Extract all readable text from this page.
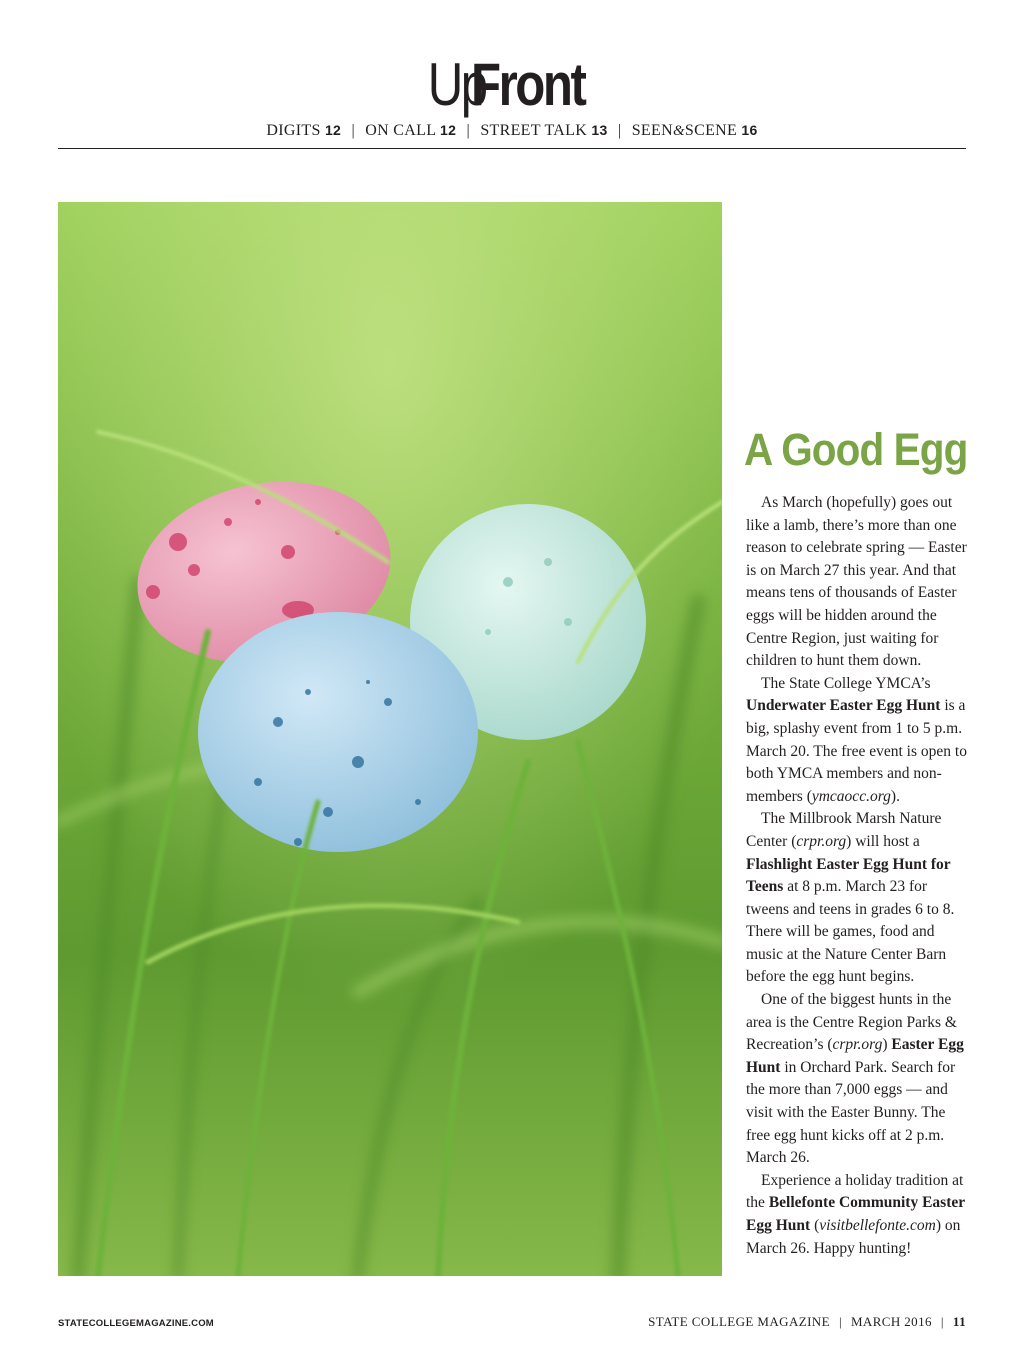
UpFront
DIGITS 12 | ON CALL 12 | STREET TALK 13 | SEEN&SCENE 16
A Good Egg

As March (hopefully) goes out like a lamb, there’s more than one reason to celebrate spring — Easter is on March 27 this year. And that means tens of thousands of Easter eggs will be hidden around the Centre Region, just waiting for children to hunt them down.

The State College YMCA’s Underwater Easter Egg Hunt is a big, splashy event from 1 to 5 p.m. March 20. The free event is open to both YMCA members and non-members (ymcaocc.org).

The Millbrook Marsh Nature Center (crpr.org) will host a Flashlight Easter Egg Hunt for Teens at 8 p.m. March 23 for tweens and teens in grades 6 to 8. There will be games, food and music at the Nature Center Barn before the egg hunt begins.

One of the biggest hunts in the area is the Centre Region Parks & Recreation’s (crpr.org) Easter Egg Hunt in Orchard Park. Search for the more than 7,000 eggs — and visit with the Easter Bunny. The free egg hunt kicks off at 2 p.m. March 26.

Experience a holiday tradition at the Bellefonte Community Easter Egg Hunt (visitbellefonte.com) on March 26. Happy hunting!

STATECOLLEGEMAGAZINE.COM	STATE COLLEGE MAGAZINE | MARCH 2016 | 11
